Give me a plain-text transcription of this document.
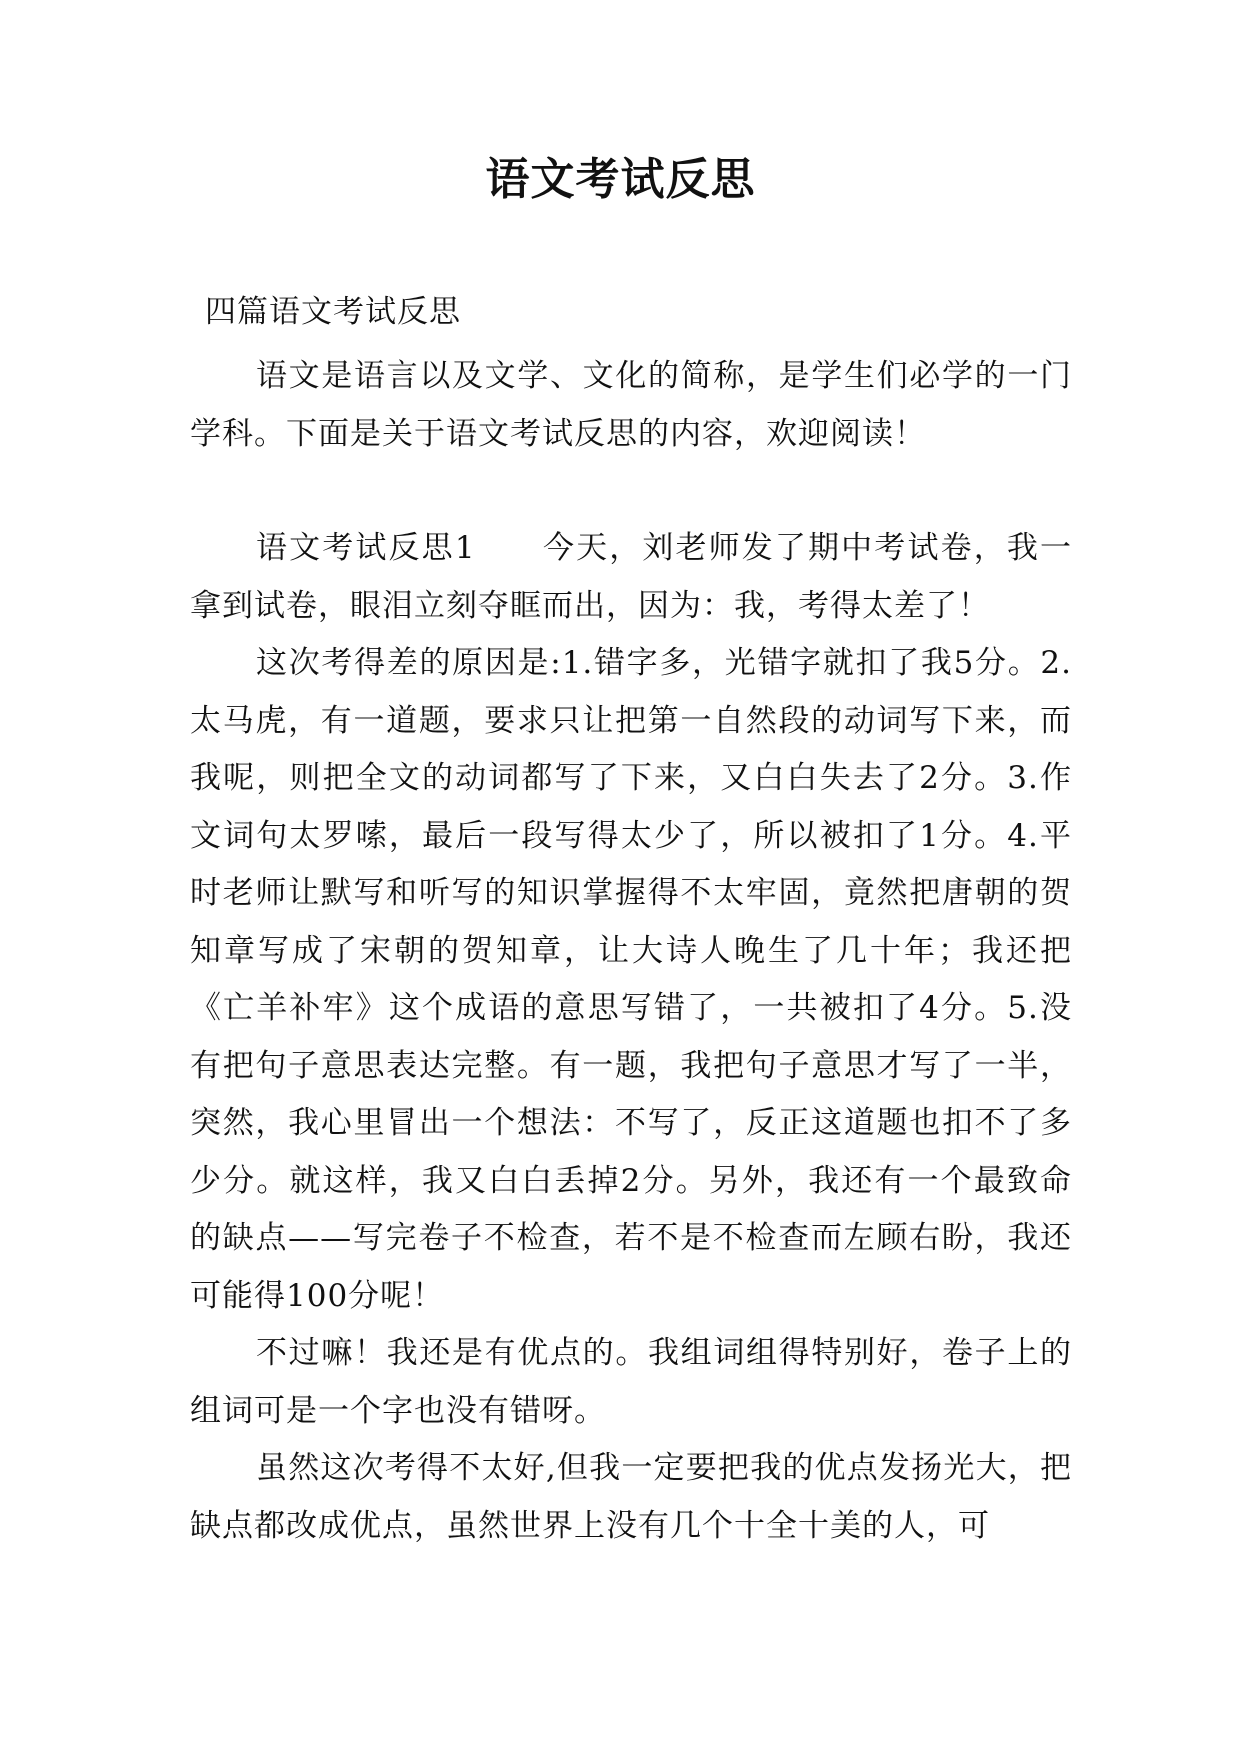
语文考试反思
四篇语文考试反思

语文是语言以及文学、文化的简称，是学生们必学的一门学科。下面是关于语文考试反思的内容，欢迎阅读！

语文考试反思1　　今天，刘老师发了期中考试卷，我一拿到试卷，眼泪立刻夺眶而出，因为：我，考得太差了！

这次考得差的原因是:1.错字多，光错字就扣了我5分。2.太马虎，有一道题，要求只让把第一自然段的动词写下来，而我呢，则把全文的动词都写了下来，又白白失去了2分。3.作文词句太罗嗦，最后一段写得太少了，所以被扣了1分。4.平时老师让默写和听写的知识掌握得不太牢固，竟然把唐朝的贺知章写成了宋朝的贺知章，让大诗人晚生了几十年；我还把《亡羊补牢》这个成语的意思写错了，一共被扣了4分。5.没有把句子意思表达完整。有一题，我把句子意思才写了一半，突然，我心里冒出一个想法：不写了，反正这道题也扣不了多少分。就这样，我又白白丢掉2分。另外，我还有一个最致命的缺点——写完卷子不检查，若不是不检查而左顾右盼，我还可能得100分呢！

不过嘛！我还是有优点的。我组词组得特别好，卷子上的组词可是一个字也没有错呀。

虽然这次考得不太好,但我一定要把我的优点发扬光大，把缺点都改成优点，虽然世界上没有几个十全十美的人，可
